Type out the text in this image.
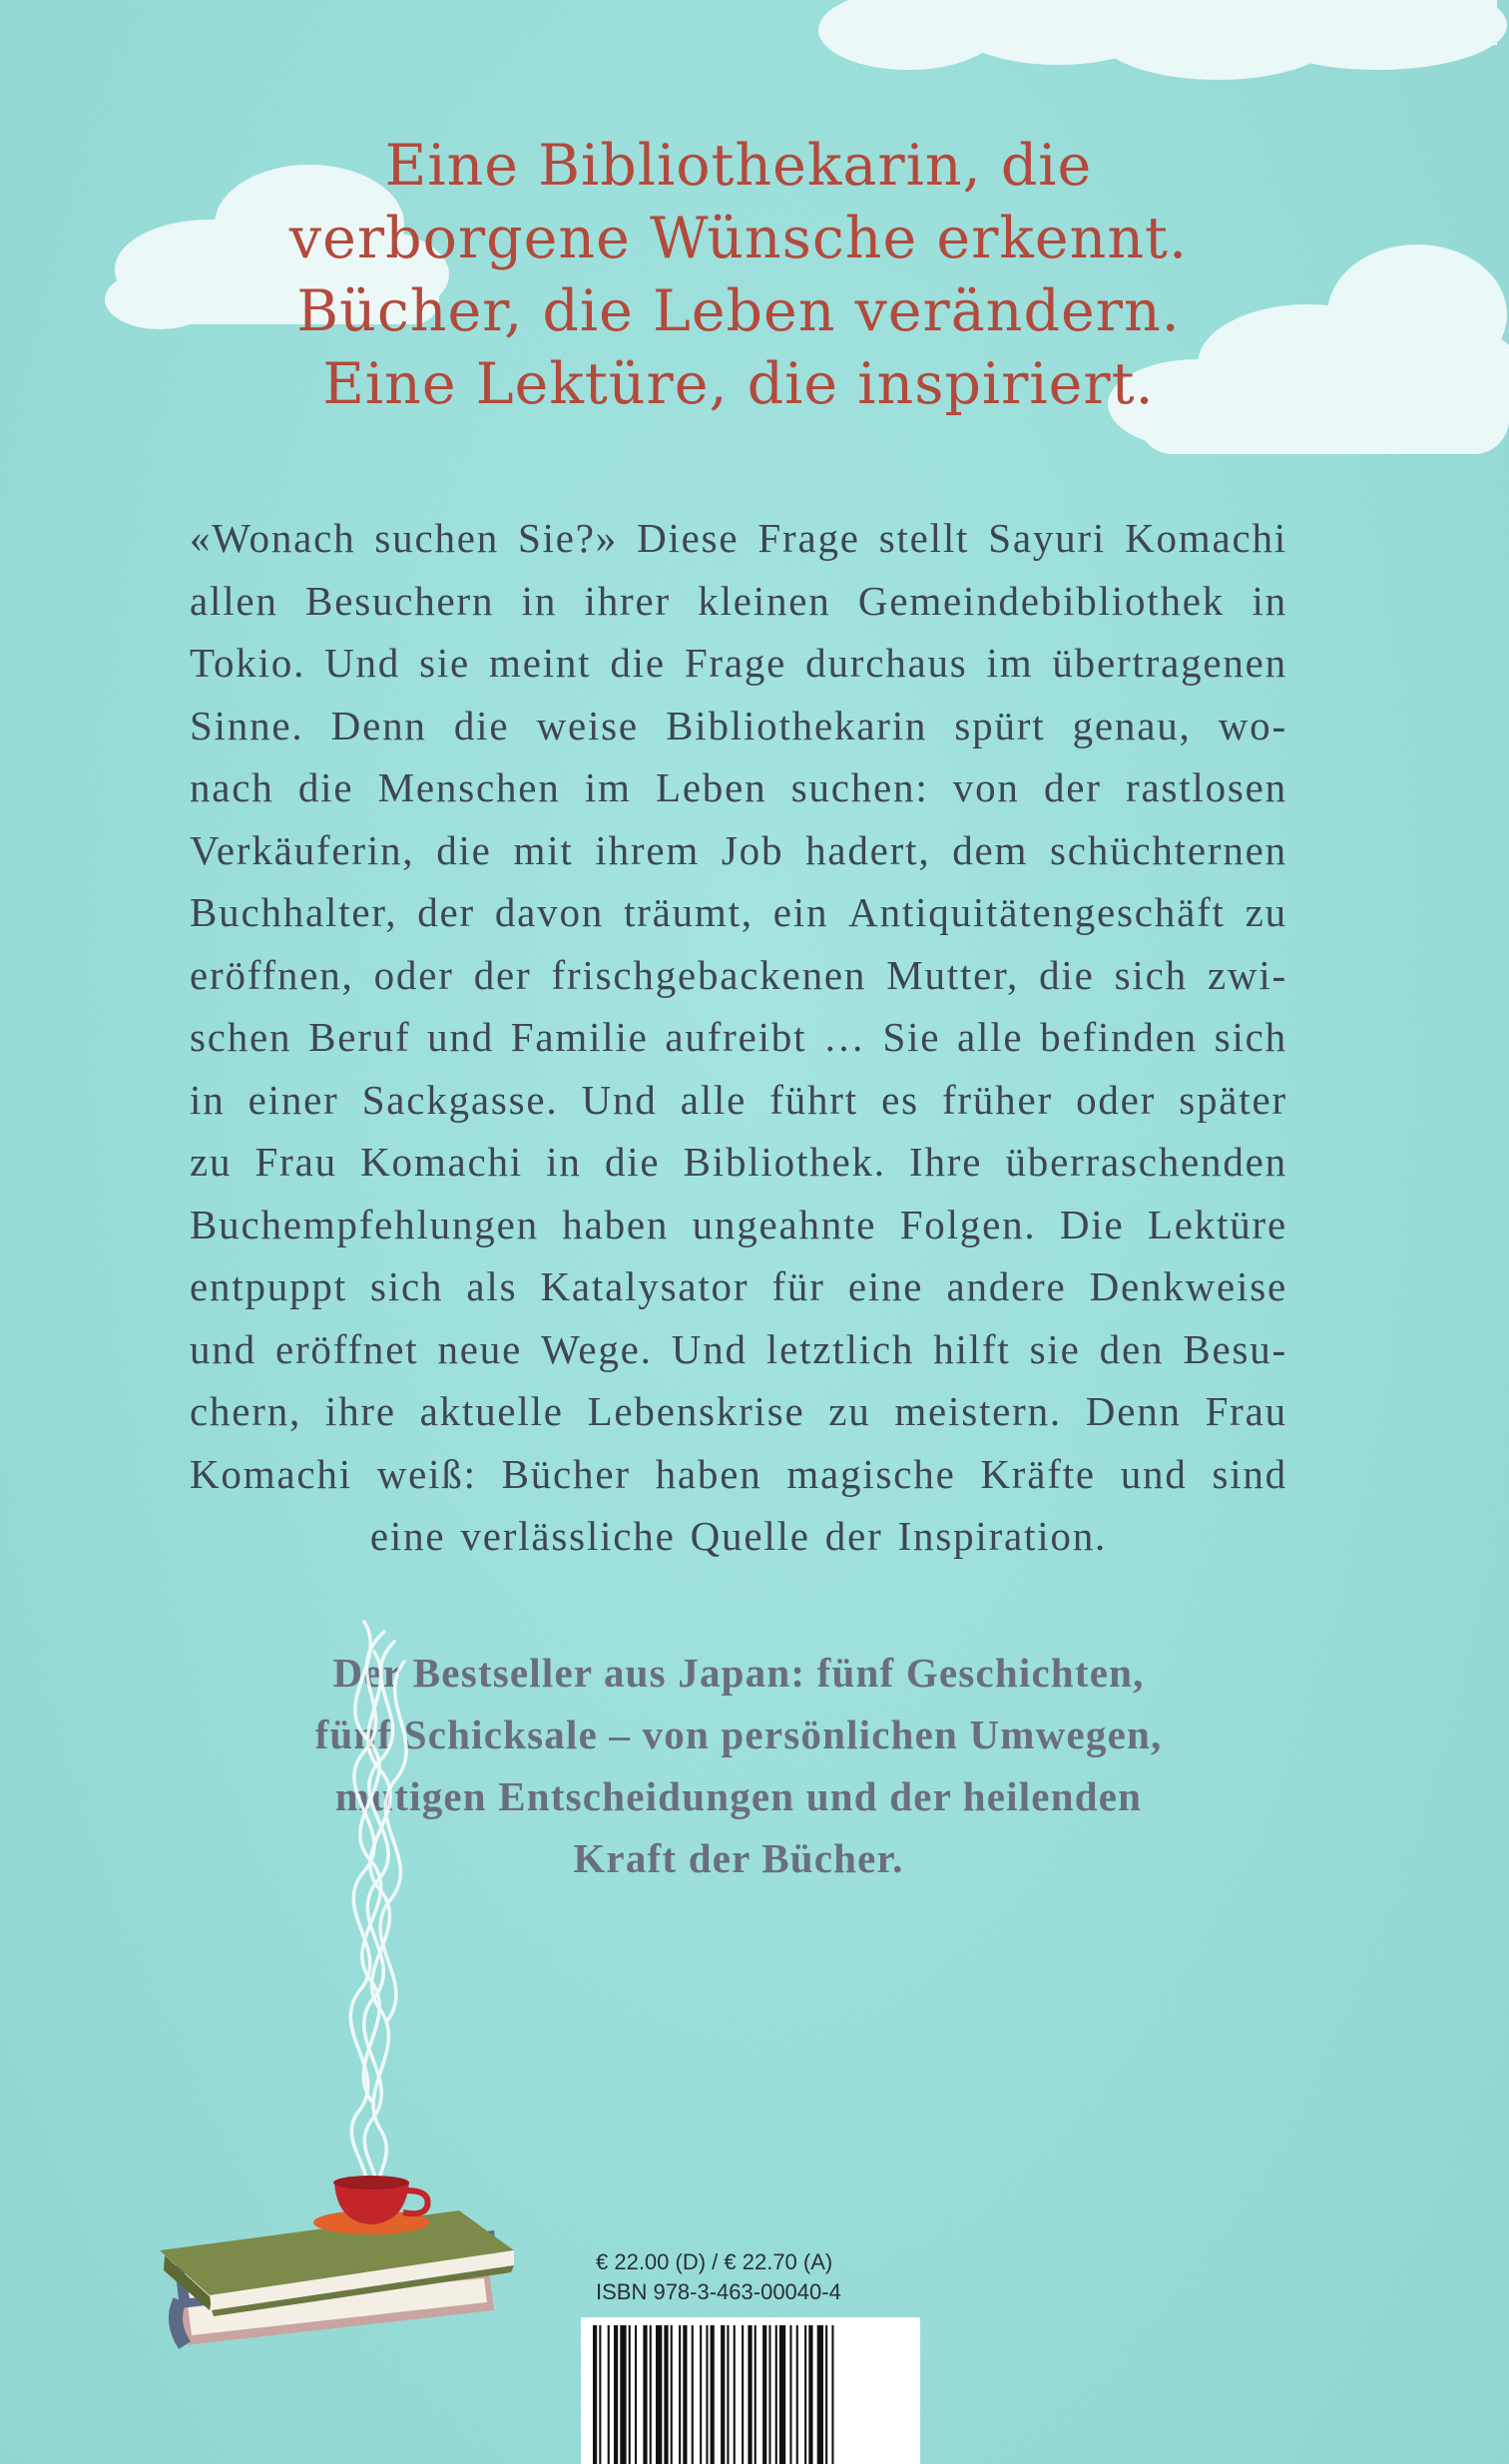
Eine Bibliothekarin, die
verborgene Wünsche erkennt.
Bücher, die Leben verändern.
Eine Lektüre, die inspiriert.
«Wonach suchen Sie?» Diese Frage stellt Sayuri Komachi
allen Besuchern in ihrer kleinen Gemeindebibliothek in
Tokio. Und sie meint die Frage durchaus im übertragenen
Sinne. Denn die weise Bibliothekarin spürt genau, wo-
nach die Menschen im Leben suchen: von der rastlosen
Verkäuferin, die mit ihrem Job hadert, dem schüchternen
Buchhalter, der davon träumt, ein Antiquitätengeschäft zu
eröffnen, oder der frischgebackenen Mutter, die sich zwi-
schen Beruf und Familie aufreibt … Sie alle befinden sich
in einer Sackgasse. Und alle führt es früher oder später
zu Frau Komachi in die Bibliothek. Ihre überraschenden
Buchempfehlungen haben ungeahnte Folgen. Die Lektüre
entpuppt sich als Katalysator für eine andere Denkweise
und eröffnet neue Wege. Und letztlich hilft sie den Besu-
chern, ihre aktuelle Lebenskrise zu meistern. Denn Frau
Komachi weiß: Bücher haben magische Kräfte und sind
eine verlässliche Quelle der Inspiration.
Der Bestseller aus Japan: fünf Geschichten,
fünf Schicksale – von persönlichen Umwegen,
mutigen Entscheidungen und der heilenden
Kraft der Bücher.
€ 22.00 (D) / € 22.70 (A)
ISBN 978-3-463-00040-4
